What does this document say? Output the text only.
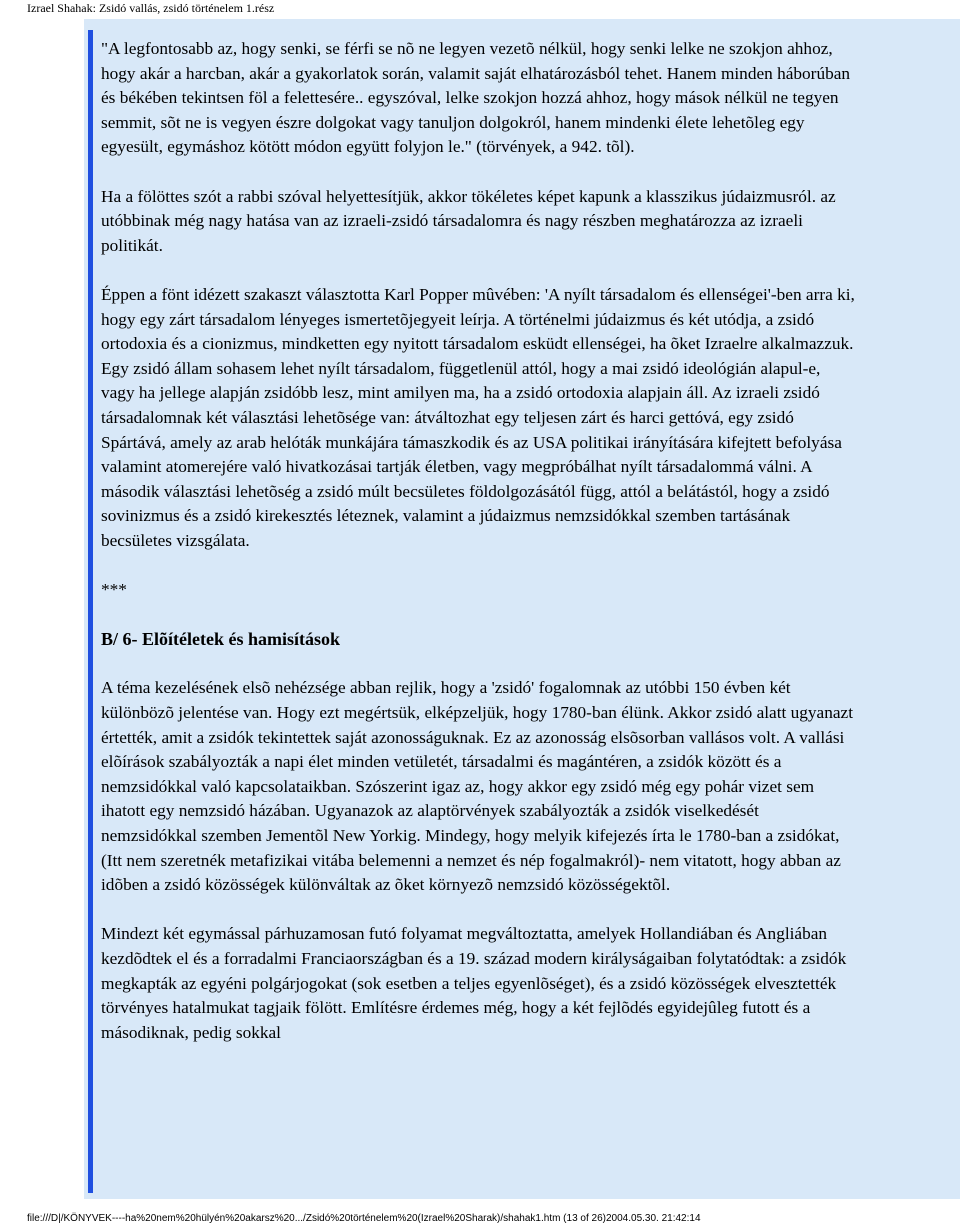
Izrael Shahak: Zsidó vallás, zsidó történelem 1.rész

"A legfontosabb az, hogy senki, se férfi se nõ ne legyen vezetõ nélkül, hogy senki lelke ne szokjon ahhoz, hogy akár a harcban, akár a gyakorlatok során, valamit saját elhatározásból tehet. Hanem minden háborúban és békében tekintsen föl a felettesére.. egyszóval, lelke szokjon hozzá ahhoz, hogy mások nélkül ne tegyen semmit, sõt ne is vegyen észre dolgokat vagy tanuljon dolgokról, hanem mindenki élete lehetõleg egy egyesült, egymáshoz kötött módon együtt folyjon le." (törvények, a 942. tõl).

Ha a fölöttes szót a rabbi szóval helyettesítjük, akkor tökéletes képet kapunk a klasszikus júdaizmusról. az utóbbinak még nagy hatása van az izraeli-zsidó társadalomra és nagy részben meghatározza az izraeli politikát.

Éppen a fönt idézett szakaszt választotta Karl Popper mûvében: 'A nyílt társadalom és ellenségei'-ben arra ki, hogy egy zárt társadalom lényeges ismertetõjegyeit leírja. A történelmi júdaizmus és két utódja, a zsidó ortodoxia és a cionizmus, mindketten egy nyitott társadalom esküdt ellenségei, ha õket Izraelre alkalmazzuk. Egy zsidó állam sohasem lehet nyílt társadalom, függetlenül attól, hogy a mai zsidó ideológián alapul-e, vagy ha jellege alapján zsidóbb lesz, mint amilyen ma, ha a zsidó ortodoxia alapjain áll. Az izraeli zsidó társadalomnak két választási lehetõsége van: átváltozhat egy teljesen zárt és harci gettóvá, egy zsidó Spártává, amely az arab helóták munkájára támaszkodik és az USA politikai irányítására kifejtett befolyása valamint atomerejére való hivatkozásai tartják életben, vagy megpróbálhat nyílt társadalommá válni. A második választási lehetõség a zsidó múlt becsületes földolgozásától függ, attól a belátástól, hogy a zsidó sovinizmus és a zsidó kirekesztés léteznek, valamint a júdaizmus nemzsidókkal szemben tartásának becsületes vizsgálata.

***

B/ 6- Elõítéletek és hamisítások

A téma kezelésének elsõ nehézsége abban rejlik, hogy a 'zsidó' fogalomnak az utóbbi 150 évben két különbözõ jelentése van. Hogy ezt megértsük, elképzeljük, hogy 1780-ban élünk. Akkor zsidó alatt ugyanazt értették, amit a zsidók tekintettek saját azonosságuknak. Ez az azonosság elsõsorban vallásos volt. A vallási elõírások szabályozták a napi élet minden vetületét, társadalmi és magántéren, a zsidók között és a nemzsidókkal való kapcsolataikban. Szószerint igaz az, hogy akkor egy zsidó még egy pohár vizet sem ihatott egy nemzsidó házában. Ugyanazok az alaptörvények szabályozták a zsidók viselkedését nemzsidókkal szemben Jementõl New Yorkig. Mindegy, hogy melyik kifejezés írta le 1780-ban a zsidókat, (Itt nem szeretnék metafizikai vitába belemenni a nemzet és nép fogalmakról)- nem vitatott, hogy abban az idõben a zsidó közösségek különváltak az õket környezõ nemzsidó közösségektõl.

Mindezt két egymással párhuzamosan futó folyamat megváltoztatta, amelyek Hollandiában és Angliában kezdõdtek el és a forradalmi Franciaországban és a 19. század modern királyságaiban folytatódtak: a zsidók megkapták az egyéni polgárjogokat (sok esetben a teljes egyenlõséget), és a zsidó közösségek elvesztették törvényes hatalmukat tagjaik fölött. Említésre érdemes még, hogy a két fejlõdés egyidejûleg futott és a másodiknak, pedig sokkal

file:///D|/KÖNYVEK----ha%20nem%20hülyén%20akarsz%20.../Zsidó%20történelem%20(Izrael%20Sharak)/shahak1.htm (13 of 26)2004.05.30. 21:42:14
